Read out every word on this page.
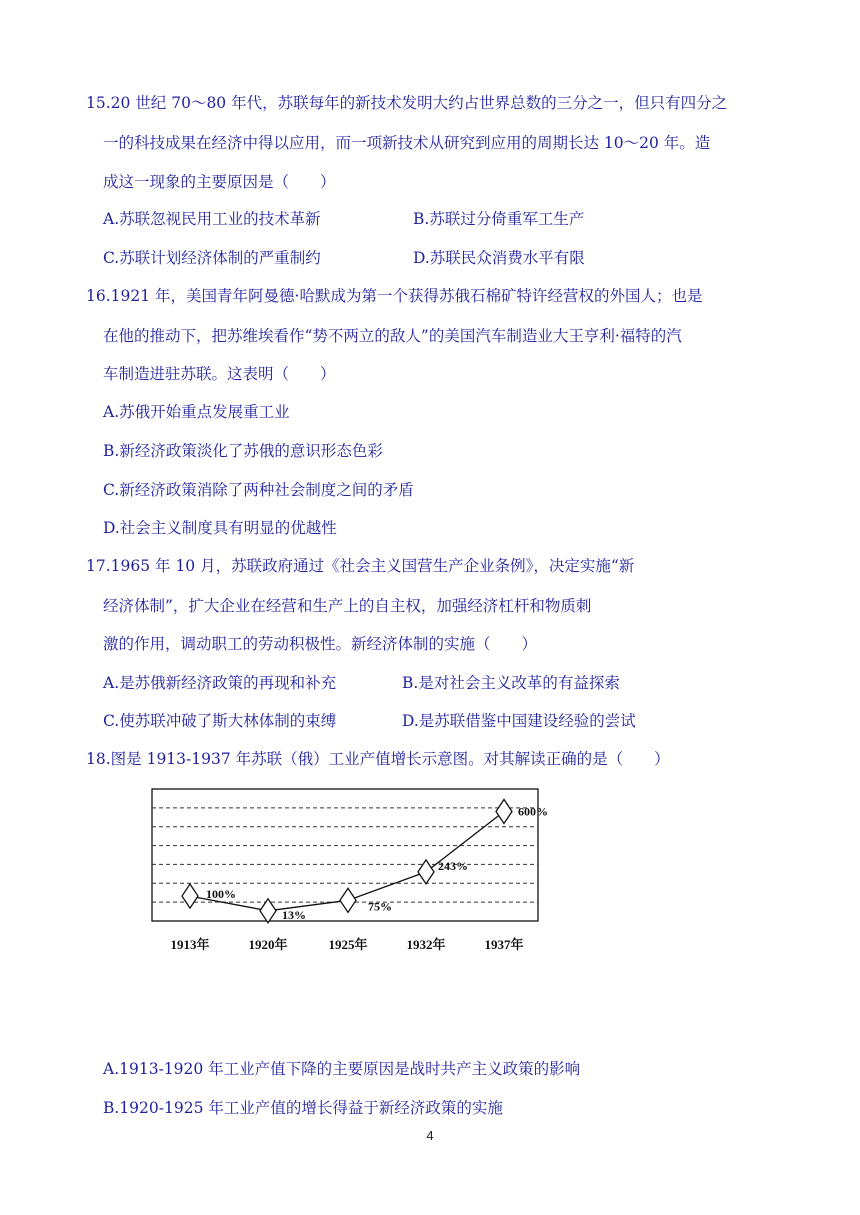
15.20 世纪 70～80 年代，苏联每年的新技术发明大约占世界总数的三分之一，但只有四分之
一的科技成果在经济中得以应用，而一项新技术从研究到应用的周期长达 10～20 年。造
成这一现象的主要原因是（　　）
A.苏联忽视民用工业的技术革新	B.苏联过分倚重军工生产
C.苏联计划经济体制的严重制约	D.苏联民众消费水平有限
16.1921 年，美国青年阿曼德·哈默成为第一个获得苏俄石棉矿特许经营权的外国人；也是
在他的推动下，把苏维埃看作“势不两立的敌人”的美国汽车制造业大王亨利·福特的汽
车制造进驻苏联。这表明（　　）
A.苏俄开始重点发展重工业
B.新经济政策淡化了苏俄的意识形态色彩
C.新经济政策消除了两种社会制度之间的矛盾
D.社会主义制度具有明显的优越性
17.1965 年 10 月，苏联政府通过《社会主义国营生产企业条例》，决定实施“新
经济体制”，扩大企业在经营和生产上的自主权，加强经济杠杆和物质刺
激的作用，调动职工的劳动积极性。新经济体制的实施（　　）
A.是苏俄新经济政策的再现和补充	B.是对社会主义改革的有益探索
C.使苏联冲破了斯大林体制的束缚	D.是苏联借鉴中国建设经验的尝试
18.图是 1913-1937 年苏联（俄）工业产值增长示意图。对其解读正确的是（　　）
100%
1913年
13%
1920年
75%
1925年
243%
1932年
600%
1937年
A.1913-1920 年工业产值下降的主要原因是战时共产主义政策的影响
B.1920-1925 年工业产值的增长得益于新经济政策的实施
4
